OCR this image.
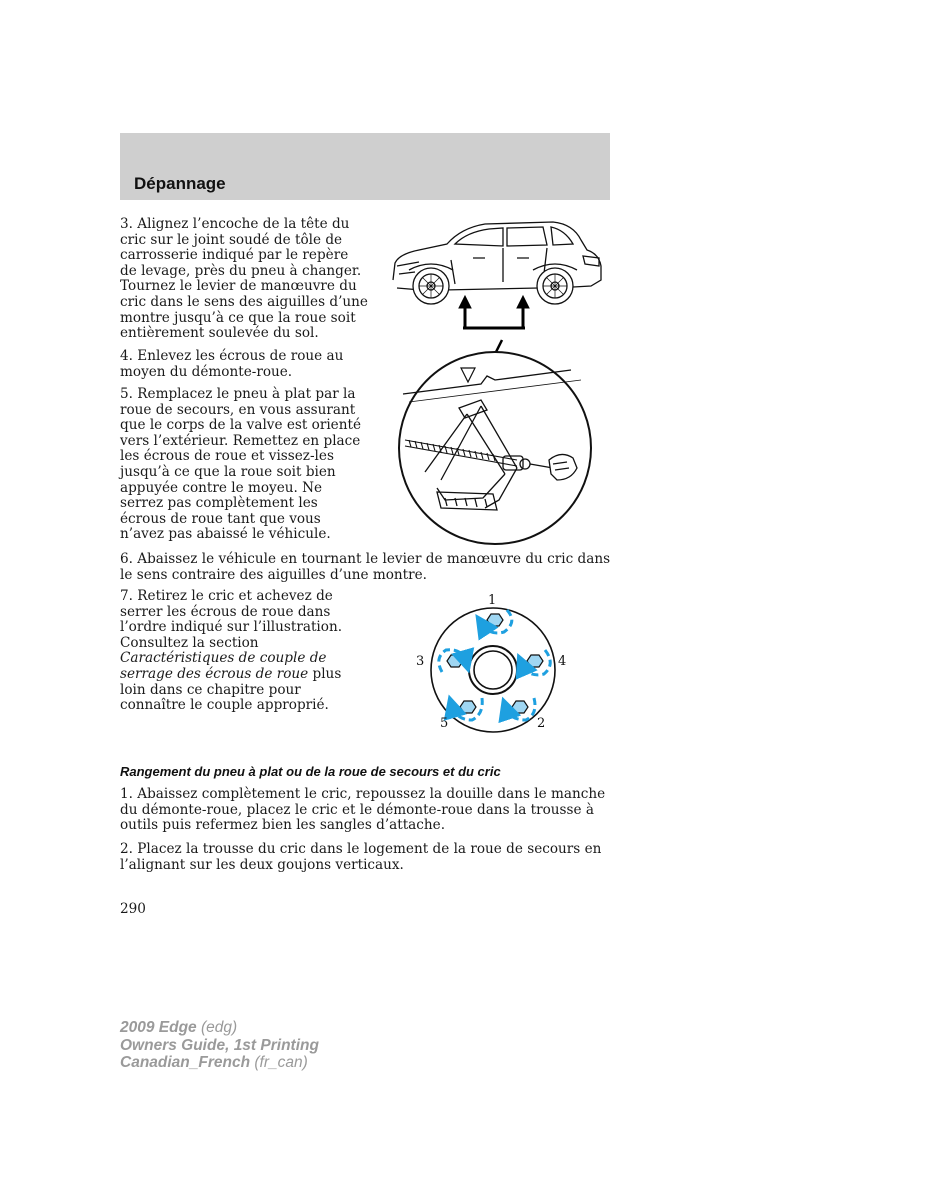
Dépannage

3. Alignez l’encoche de la tête du cric sur le joint soudé de tôle de carrosserie indiqué par le repère de levage, près du pneu à changer. Tournez le levier de manœuvre du cric dans le sens des aiguilles d’une montre jusqu’à ce que la roue soit entièrement soulevée du sol.

4. Enlevez les écrous de roue au moyen du démonte-roue.

5. Remplacez le pneu à plat par la roue de secours, en vous assurant que le corps de la valve est orienté vers l’extérieur. Remettez en place les écrous de roue et vissez-les jusqu’à ce que la roue soit bien appuyée contre le moyeu. Ne serrez pas complètement les écrous de roue tant que vous n’avez pas abaissé le véhicule.

6. Abaissez le véhicule en tournant le levier de manœuvre du cric dans le sens contraire des aiguilles d’une montre.

7. Retirez le cric et achevez de serrer les écrous de roue dans l’ordre indiqué sur l’illustration. Consultez la section Caractéristiques de couple de serrage des écrous de roue plus loin dans ce chapitre pour connaître le couple approprié.

1
2
3	4
5
Rangement du pneu à plat ou de la roue de secours et du cric

1. Abaissez complètement le cric, repoussez la douille dans le manche du démonte-roue, placez le cric et le démonte-roue dans la trousse à outils puis refermez bien les sangles d’attache.

2. Placez la trousse du cric dans le logement de la roue de secours en l’alignant sur les deux goujons verticaux.

290
2009 Edge (edg)
Owners Guide, 1st Printing
Canadian_French (fr_can)
